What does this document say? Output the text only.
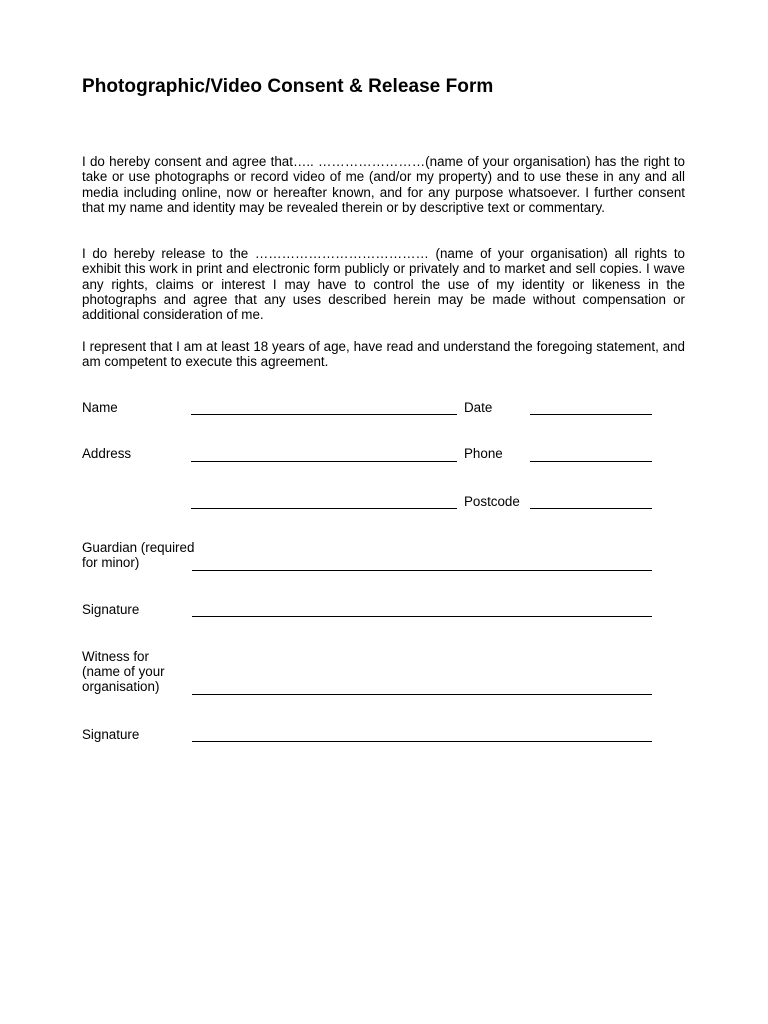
Photographic/Video Consent & Release Form
I do hereby consent and agree that….. ……………………(name of your organisation) has the right to take or use photographs or record video of me (and/or my property) and to use these in any and all media including online, now or hereafter known, and for any purpose whatsoever. I further consent that my name and identity may be revealed therein or by descriptive text or commentary.
I do hereby release to the ………………………………… (name of your organisation) all rights to exhibit this work in print and electronic form publicly or privately and to market and sell copies. I wave any rights, claims or interest I may have to control the use of my identity or likeness in the photographs and agree that any uses described herein may be made without compensation or additional consideration of me.
I represent that I am at least 18 years of age, have read and understand the foregoing statement, and am competent to execute this agreement.
Name	Date
Address	Phone
Postcode
Guardian (required
for minor)
Signature
Witness for
(name of your
organisation)
Signature
